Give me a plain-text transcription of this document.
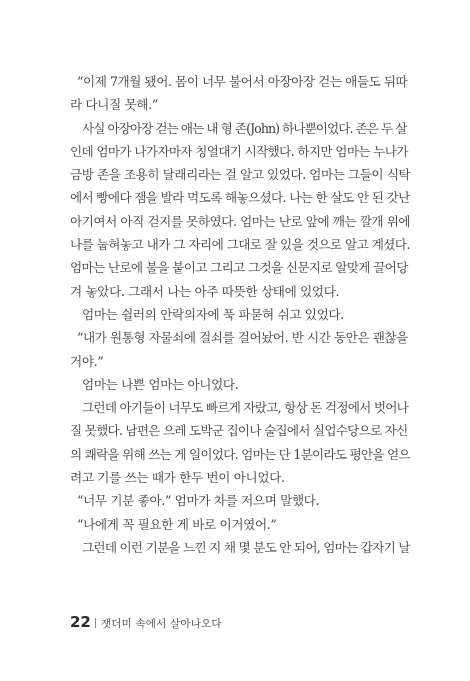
“이제 7개월 됐어. 몸이 너무 불어서 아장아장 걷는 애들도 뒤따
라 다니질 못해.”
사실 아장아장 걷는 애는 내 형 존(John) 하나뿐이었다. 존은 두 살
인데 엄마가 나가자마자 칭얼대기 시작했다. 하지만 엄마는 누나가
금방 존을 조용히 달래리라는 걸 알고 있었다. 엄마는 그들이 식탁
에서 빵에다 잼을 발라 먹도록 해놓으셨다. 나는 한 살도 안 된 갓난
아기여서 아직 걷지를 못하였다. 엄마는 난로 앞에 깨는 깔개 위에
나를 눕혀놓고 내가 그 자리에 그대로 잘 있을 것으로 알고 계셨다.
엄마는 난로에 불을 붙이고 그리고 그것을 신문지로 알맞게 끌어당
겨 놓았다. 그래서 나는 아주 따뜻한 상태에 있었다.
엄마는 쉴러의 안락의자에 푹 파묻혀 쉬고 있었다.
“내가 원통형 자물쇠에 걸쇠를 걸어놨어. 반 시간 동안은 괜찮을
거야.”
엄마는 나쁜 엄마는 아니었다.
그런데 아기들이 너무도 빠르게 자랐고, 항상 돈 걱정에서 벗어나
질 못했다. 남편은 으레 도박군 집이나 술집에서 실업수당으로 자신
의 쾌락을 위해 쓰는 게 일이었다. 엄마는 단 1분이라도 평안을 얻으
려고 기를 쓰는 때가 한두 번이 아니었다.
“너무 기분 좋아.” 엄마가 차를 저으며 말했다.
“나에게 꼭 필요한 게 바로 이거였어.”
그런데 이런 기분을 느낀 지 채 몇 분도 안 되어, 엄마는 갑자기 날
22 잿더미 속에서 살아나오다
